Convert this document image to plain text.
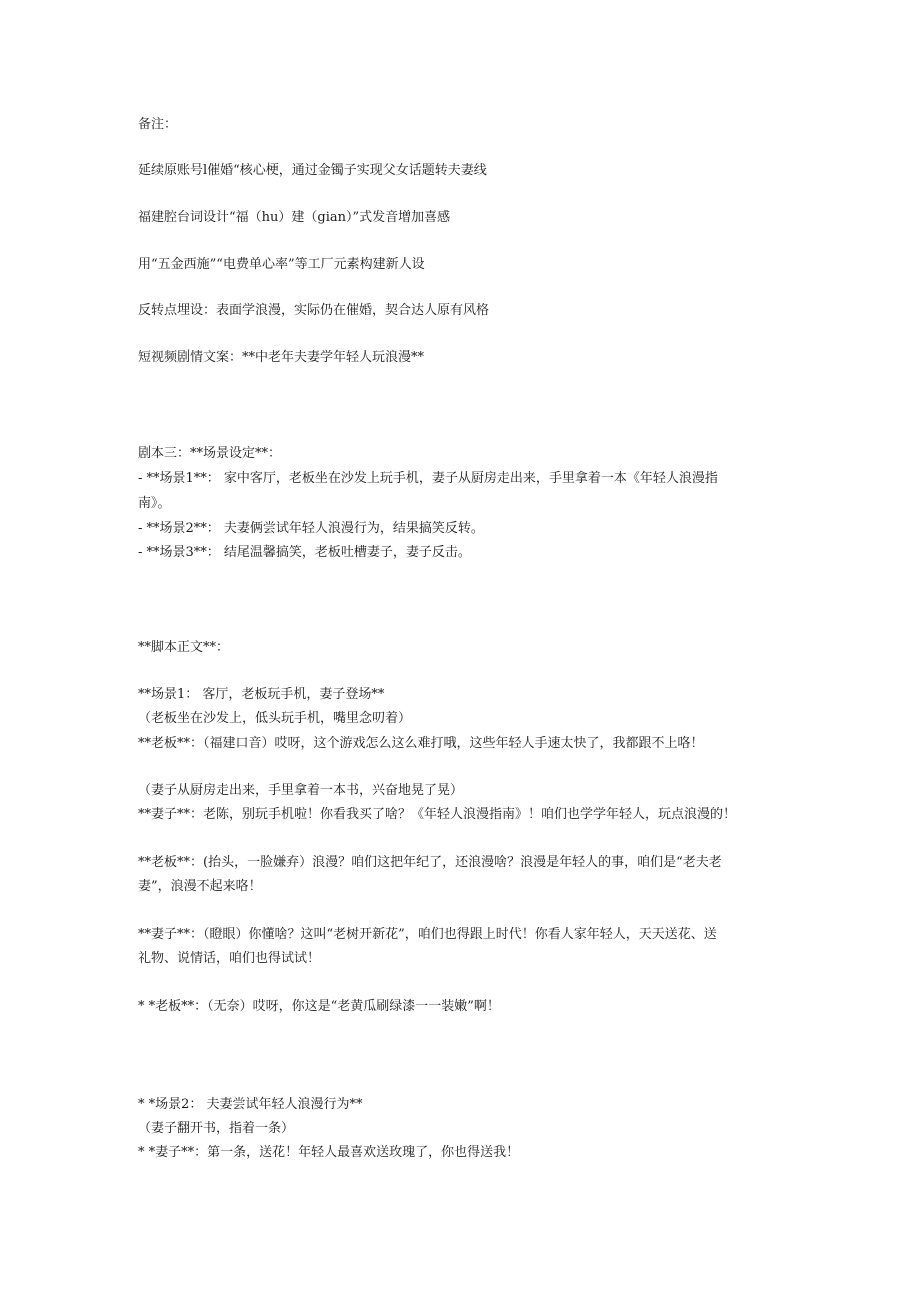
备注：
延续原账号l催婚“核心梗，通过金镯子实现父女话题转夫妻线
福建腔台词设计“福（hu）建（gian）”式发音增加喜感
用“五金西施”“电费单心率”等工厂元素构建新人设
反转点埋设：表面学浪漫，实际仍在催婚，契合达人原有风格
短视频剧情文案：**中老年夫妻学年轻人玩浪漫**
剧本三：**场景设定**：
- **场景1**： 家中客厅，老板坐在沙发上玩手机，妻子从厨房走出来，手里拿着一本《年轻人浪漫指
南》。
- **场景2**： 夫妻俩尝试年轻人浪漫行为，结果搞笑反转。
- **场景3**： 结尾温馨搞笑，老板吐槽妻子，妻子反击。
**脚本正文**：
**场景1： 客厅，老板玩手机，妻子登场**
（老板坐在沙发上，低头玩手机，嘴里念叨着）
**老板**：（福建口音）哎呀，这个游戏怎么这么难打哦，这些年轻人手速太快了，我都跟不上咯！
（妻子从厨房走出来，手里拿着一本书，兴奋地晃了晃）
**妻子**：老陈，别玩手机啦！你看我买了啥？《年轻人浪漫指南》！咱们也学学年轻人，玩点浪漫的！
**老板**：(抬头，一脸嫌弃）浪漫？咱们这把年纪了，还浪漫啥？浪漫是年轻人的事，咱们是“老夫老
妻”，浪漫不起来咯！
**妻子**：（瞪眼）你懂啥？这叫“老树开新花”，咱们也得跟上时代！你看人家年轻人，天天送花、送
礼物、说情话，咱们也得试试！
* *老板**：（无奈）哎呀，你这是“老黄瓜刷绿漆一一装嫩”啊！
* *场景2： 夫妻尝试年轻人浪漫行为**
（妻子翻开书，指着一条）
* *妻子**：第一条，送花！年轻人最喜欢送玫瑰了，你也得送我！
